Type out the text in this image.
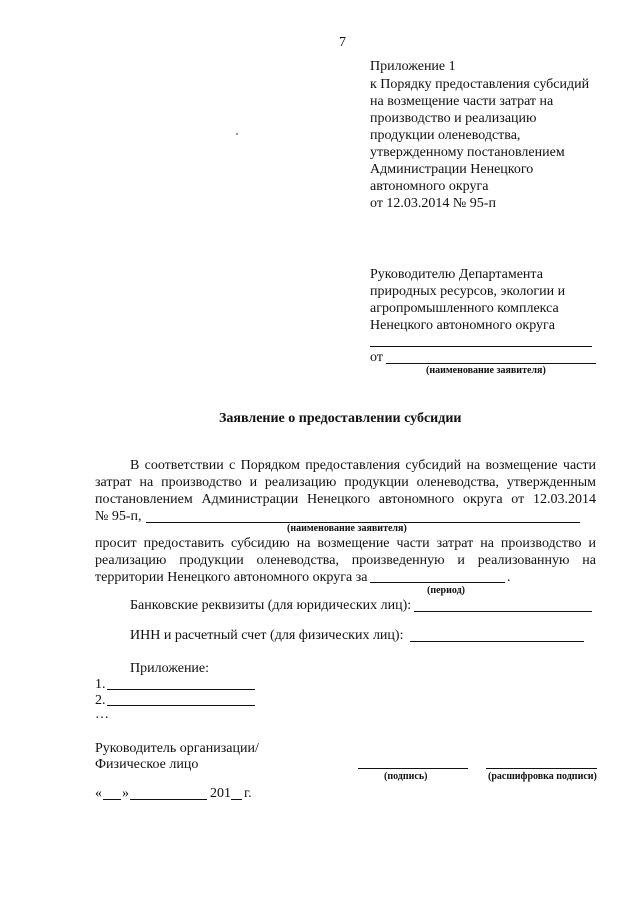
7
Приложение 1
к Порядку предоставления субсидий
на возмещение части затрат на
производство и реализацию
продукции оленеводства,
утвержденному постановлением
Администрации Ненецкого
автономного округа
от 12.03.2014 № 95-п
Руководителю Департамента
природных ресурсов, экологии и
агропромышленного комплекса
Ненецкого автономного округа
от
(наименование заявителя)
Заявление о предоставлении субсидии
В соответствии с Порядком предоставления субсидий на возмещение части
затрат на производство и реализацию продукции оленеводства, утвержденным
постановлением Администрации Ненецкого автономного округа от 12.03.2014
№ 95-п,
(наименование заявителя)
просит предоставить субсидию на возмещение части затрат на производство и
реализацию продукции оленеводства, произведенную и реализованную на
территории Ненецкого автономного округа за	.
(период)
Банковские реквизиты (для юридических лиц):
ИНН и расчетный счет (для физических лиц):
Приложение:
1.
2.
…
Руководитель организации/
Физическое лицо
(подпись)	(расшифровка подписи)
« »	201 г.
